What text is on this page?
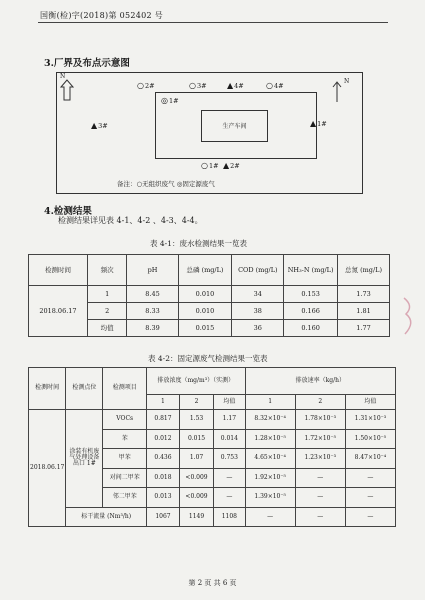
国衡(检)字(2018)第 052402 号
3.厂界及布点示意图
N
N
生产车间
○2#	○3#	▲4#	○4#
◎1#
▲3#	▲1#
○1# ▲2#
备注：○无组织废气 ◎固定源废气
4.检测结果
检测结果详见表 4-1、4-2 、4-3、4-4。
表 4-1：废水检测结果一览表
检测时间	频次	pH	总磷 (mg/L)	COD (mg/L)	NH₃-N (mg/L)	总氮 (mg/L)
2018.06.17	1	8.45	0.010	34	0.153	1.73
	2	8.33	0.010	38	0.166	1.81
	均值	8.39	0.015	36	0.160	1.77
表 4-2：固定源废气检测结果一览表
检测时间	检测点位	检测项目	排放浓度（mg/m³）（实测）			排放速率（kg/h）		
			1	2	均值	1	2	均值
2018.06.17	涂装有机废气处理设备出口 1#	VOCs	0.817	1.53	1.17	8.32×10⁻⁴	1.78×10⁻³	1.31×10⁻³
		苯	0.012	0.015	0.014	1.28×10⁻⁵	1.72×10⁻⁵	1.50×10⁻⁵
		甲苯	0.436	1.07	0.753	4.65×10⁻⁴	1.23×10⁻³	8.47×10⁻⁴
		对间二甲苯	0.018	<0.009	—	1.92×10⁻⁵	—	—
		邻二甲苯	0.013	<0.009	—	1.39×10⁻⁵	—	—
	标干流量 (Nm³/h)		1067	1149	1108	—	—	—
第 2 页 共 6 页
